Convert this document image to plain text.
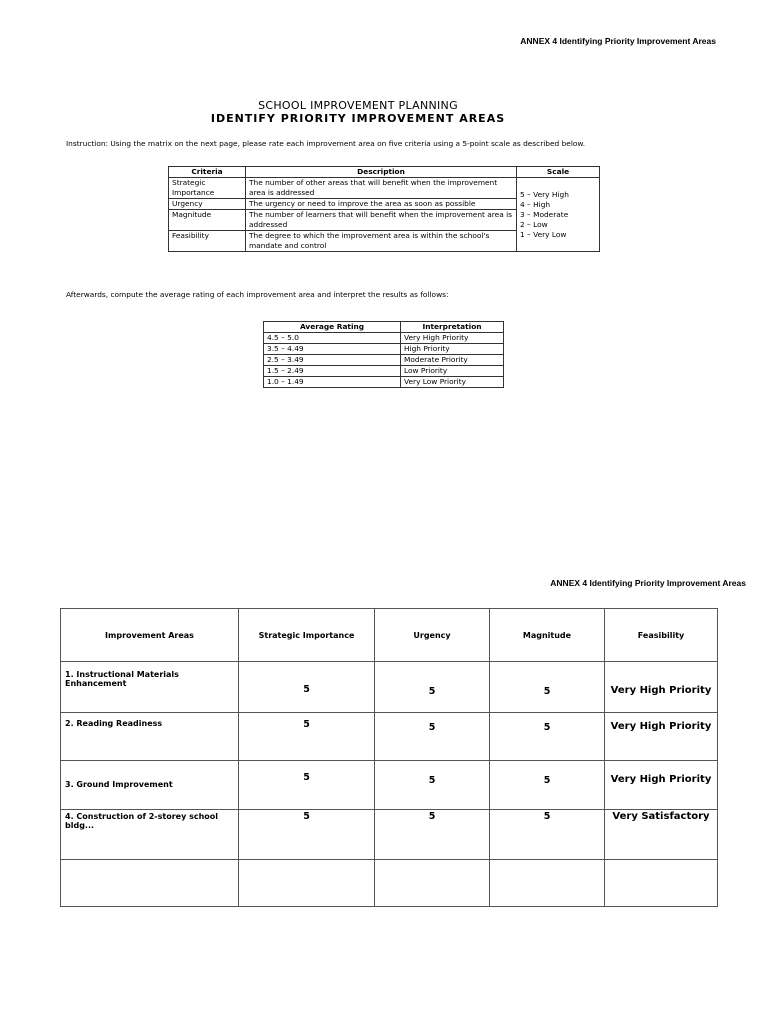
ANNEX 4 Identifying Priority Improvement Areas
SCHOOL IMPROVEMENT PLANNING
IDENTIFY PRIORITY IMPROVEMENT AREAS
Instruction: Using the matrix on the next page, please rate each improvement area on five criteria using a 5-point scale as described below.
Criteria	Description	Scale
Strategic Importance	The number of other areas that will benefit when the improvement area is addressed	5 – Very High
4 – High
3 – Moderate
2 – Low
1 – Very Low

Urgency	The urgency or need to improve the area as soon as possible	
Magnitude	The number of learners that will benefit when the improvement area is addressed	
Feasibility	The degree to which the improvement area is within the school's mandate and control	
Afterwards, compute the average rating of each improvement area and interpret the results as follows:
Average Rating	Interpretation
4.5 – 5.0	Very High Priority
3.5 – 4.49	High Priority
2.5 – 3.49	Moderate Priority
1.5 – 2.49	Low Priority
1.0 – 1.49	Very Low Priority
ANNEX 4 Identifying Priority Improvement Areas
Improvement Areas	Strategic Importance	Urgency	Magnitude	Feasibility
1. Instructional Materials Enhancement	5	5	5	Very High Priority
2. Reading Readiness	5	5	5	Very High Priority
3. Ground Improvement	5	5	5	Very High Priority
4. Construction of 2-storey school bldg...	5	5	5	Very Satisfactory
